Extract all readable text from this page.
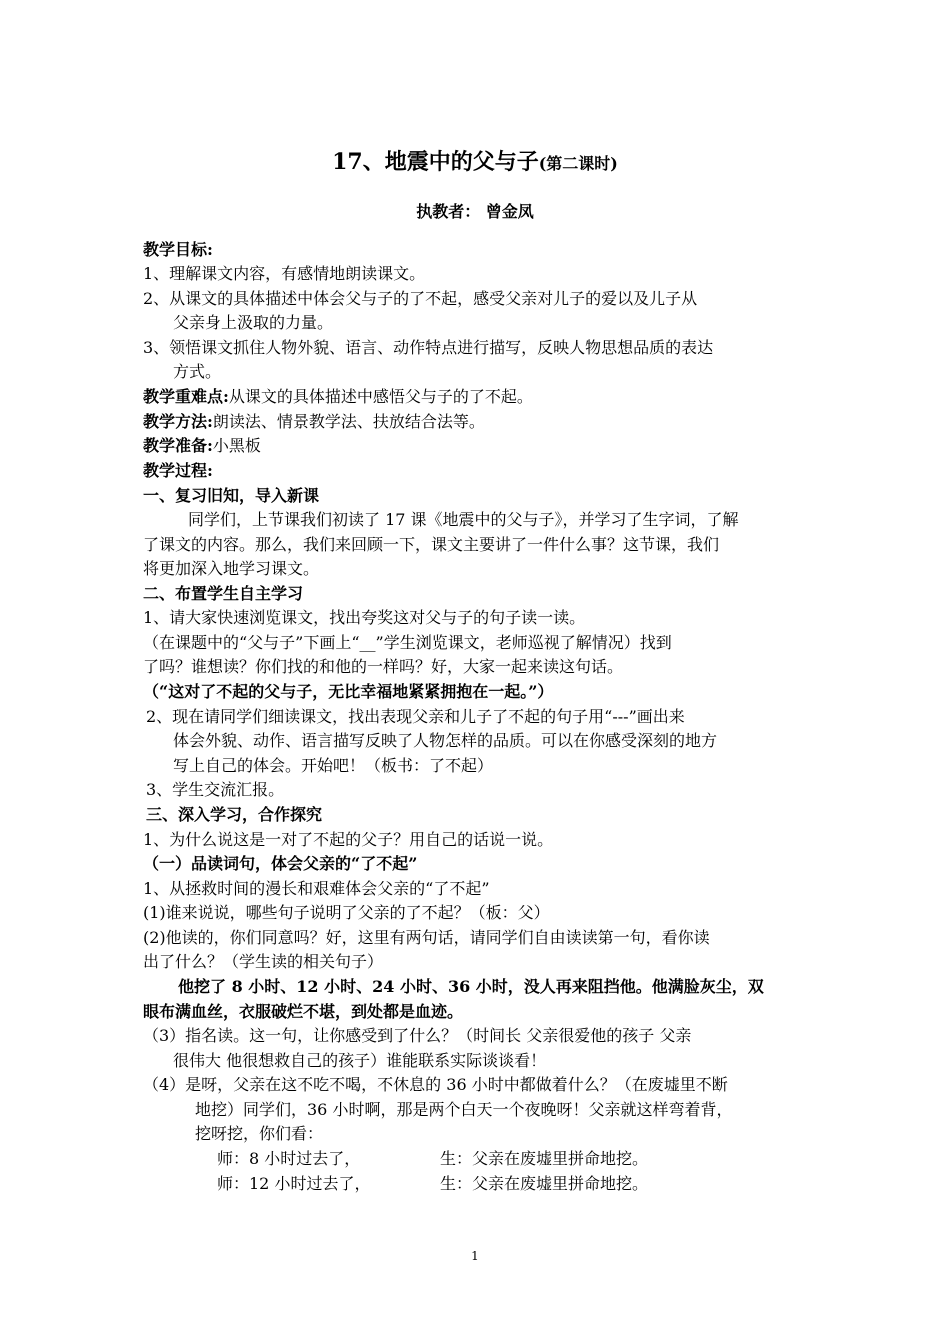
17、地震中的父与子(第二课时)
执教者： 曾金凤

教学目标:

1、理解课文内容，有感情地朗读课文。

2、从课文的具体描述中体会父与子的了不起，感受父亲对儿子的爱以及儿子从

父亲身上汲取的力量。

3、领悟课文抓住人物外貌、语言、动作特点进行描写，反映人物思想品质的表达

方式。

教学重难点:从课文的具体描述中感悟父与子的了不起。

教学方法:朗读法、情景教学法、扶放结合法等。

教学准备:小黑板

教学过程:

一、复习旧知，导入新课

同学们，上节课我们初读了 17 课《地震中的父与子》，并学习了生字词，了解

了课文的内容。那么，我们来回顾一下，课文主要讲了一件什么事？这节课，我们

将更加深入地学习课文。

二、布置学生自主学习

1、请大家快速浏览课文，找出夸奖这对父与子的句子读一读。

（在课题中的“父与子”下画上“__”学生浏览课文，老师巡视了解情况）找到

了吗？谁想读？你们找的和他的一样吗？好，大家一起来读这句话。

（“这对了不起的父与子，无比幸福地紧紧拥抱在一起。”）

2、现在请同学们细读课文，找出表现父亲和儿子了不起的句子用“---”画出来

体会外貌、动作、语言描写反映了人物怎样的品质。可以在你感受深刻的地方

写上自己的体会。开始吧！（板书：了不起）

3、学生交流汇报。

三、深入学习，合作探究

1、为什么说这是一对了不起的父子？用自己的话说一说。

（一）品读词句，体会父亲的“了不起”

1、从拯救时间的漫长和艰难体会父亲的“了不起”

(1)谁来说说，哪些句子说明了父亲的了不起？（板：父）

(2)他读的，你们同意吗？好，这里有两句话，请同学们自由读读第一句，看你读

出了什么？（学生读的相关句子）

他挖了 8 小时、12 小时、24 小时、36 小时，没人再来阻挡他。他满脸灰尘，双

眼布满血丝，衣服破烂不堪，到处都是血迹。

（3）指名读。这一句，让你感受到了什么？（时间长 父亲很爱他的孩子 父亲

很伟大 他很想救自己的孩子）谁能联系实际谈谈看！

（4）是呀，父亲在这不吃不喝，不休息的 36 小时中都做着什么？（在废墟里不断

地挖）同学们，36 小时啊，那是两个白天一个夜晚呀！父亲就这样弯着背，

挖呀挖，你们看：

师：8 小时过去了，	生：父亲在废墟里拼命地挖。

师：12 小时过去了，	生：父亲在废墟里拼命地挖。

1
